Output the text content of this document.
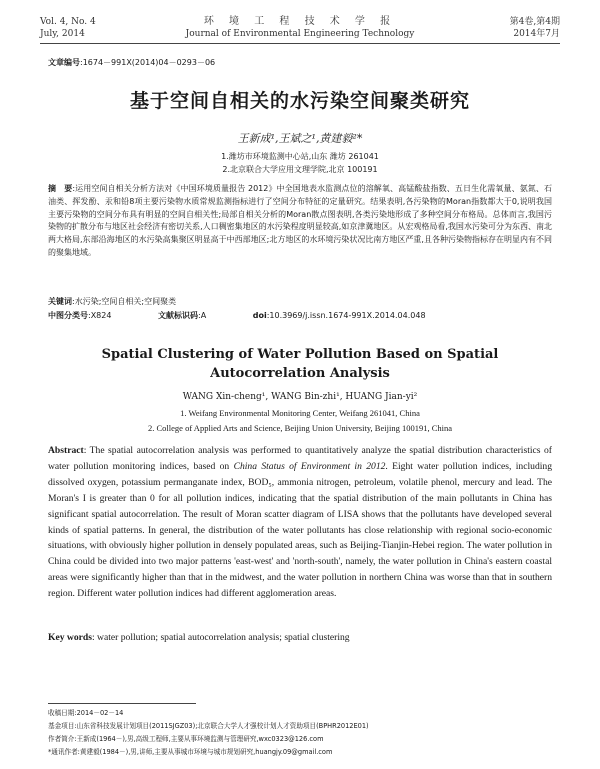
Vol. 4, No. 4
July, 2014
环 境 工 程 技 术 学 报
Journal of Environmental Engineering Technology
第4卷,第4期
2014年7月
文章编号:1674－991X(2014)04－0293－06
基于空间自相关的水污染空间聚类研究
王新成¹,王斌之¹,黄建毅²*
1.潍坊市环境监测中心站,山东 潍坊 261041
2.北京联合大学应用文理学院,北京 100191
摘　要:运用空间自相关分析方法对《中国环境质量报告 2012》中全国地表水监测点位的溶解氧、高锰酸盐指数、五日生化需氧量、氨氮、石油类、挥发酚、汞和铅8项主要污染物水质常规监测指标进行了空间分布特征的定量研究。结果表明,各污染物的Moran指数都大于0,说明我国主要污染物的空间分布具有明显的空间自相关性;局部自相关分析的Moran散点图表明,各类污染地形成了多种空间分布格局。总体而言,我国污染物的扩散分布与地区社会经济有密切关系,人口稠密集地区的水污染程度明显较高,如京津冀地区。从宏观格局看,我国水污染可分为东西、南北两大格局,东部沿海地区的水污染高集聚区明显高于中西部地区;北方地区的水环境污染状况比南方地区严重,且各种污染物指标存在明显内有不同的聚集地域。
关键词:水污染;空间自相关;空间聚类
中图分类号:X824	文献标识码:A	doi:10.3969/j.issn.1674-991X.2014.04.048
Spatial Clustering of Water Pollution Based on Spatial
Autocorrelation Analysis
WANG Xin-cheng¹, WANG Bin-zhi¹, HUANG Jian-yi²
1. Weifang Environmental Monitoring Center, Weifang 261041, China
2. College of Applied Arts and Science, Beijing Union University, Beijing 100191, China
Abstract: The spatial autocorrelation analysis was performed to quantitatively analyze the spatial distribution characteristics of water pollution monitoring indices, based on China Status of Environment in 2012. Eight water pollution indices, including dissolved oxygen, potassium permanganate index, BOD₅, ammonia nitrogen, petroleum, volatile phenol, mercury and lead. The Moran's I is greater than 0 for all pollution indices, indicating that the spatial distribution of the main pollutants in China has significant spatial autocorrelation. The result of Moran scatter diagram of LISA shows that the pollutants have developed several kinds of spatial patterns. In general, the distribution of the water pollutants has close relationship with regional socio-economic situations, with obviously higher pollution in densely populated areas, such as Beijing-Tianjin-Hebei region. The water pollution in China could be divided into two major patterns 'east-west' and 'north-south', namely, the water pollution in China's eastern coastal areas were significantly higher than that in the midwest, and the water pollution in northern China was worse than that in southern region. Different water pollution indices had different agglomeration areas.
Key words: water pollution; spatial autocorrelation analysis; spatial clustering
收稿日期:2014－02－14
基金项目:山东省科技发展计划项目(2011SJGZ03);北京联合大学人才强校计划人才资助项目(BPHR2012E01)
作者简介:王新成(1964－),男,高级工程师,主要从事环境监测与管理研究,wxc0323@126.com
*通讯作者:黄建毅(1984－),男,讲师,主要从事城市环境与城市规划研究,huangjy.09@gmail.com
